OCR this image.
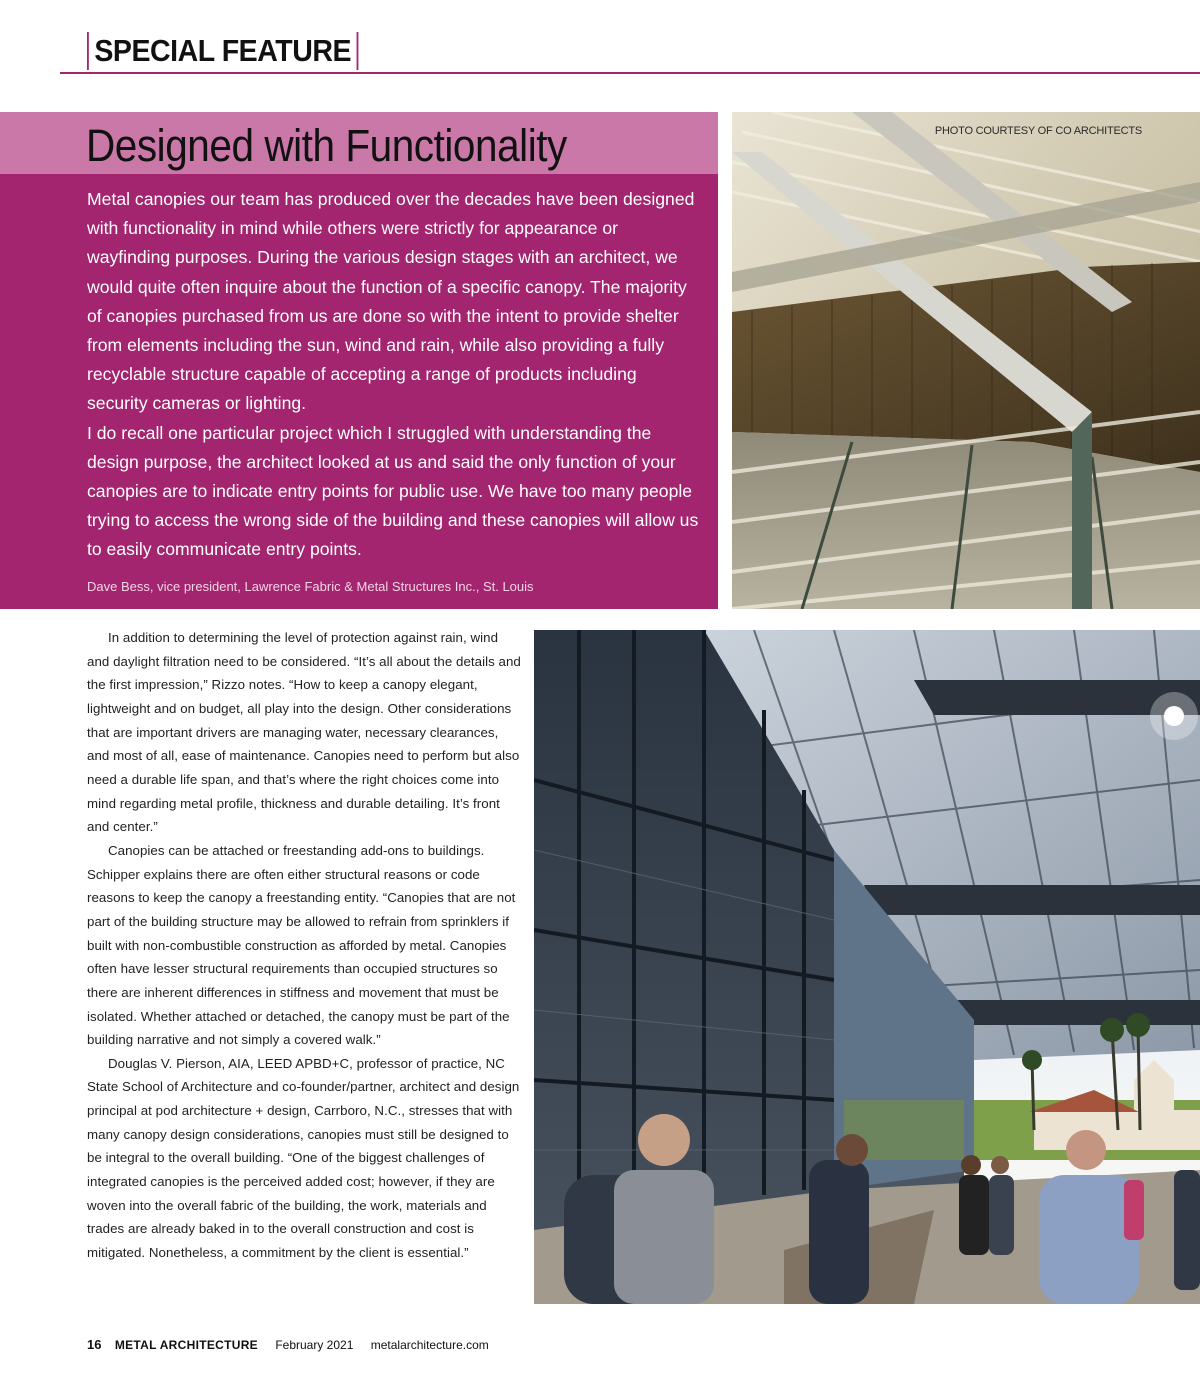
SPECIAL FEATURE
Designed with Functionality

Metal canopies our team has produced over the decades have been designed with functionality in mind while others were strictly for appearance or wayfinding purposes. During the various design stages with an architect, we would quite often inquire about the function of a specific canopy. The majority of canopies purchased from us are done so with the intent to provide shelter from elements including the sun, wind and rain, while also providing a fully recyclable structure capable of accepting a range of products including security cameras or lighting.

I do recall one particular project which I struggled with understanding the design purpose, the architect looked at us and said the only function of your canopies are to indicate entry points for public use. We have too many people trying to access the wrong side of the building and these canopies will allow us to easily communicate entry points.

Dave Bess, vice president, Lawrence Fabric & Metal Structures Inc., St. Louis
PHOTO COURTESY OF CO ARCHITECTS

In addition to determining the level of protection against rain, wind and daylight filtration need to be considered. “It’s all about the details and the first impression,” Rizzo notes. “How to keep a canopy elegant, lightweight and on budget, all play into the design. Other considerations that are important drivers are managing water, necessary clearances, and most of all, ease of maintenance. Canopies need to perform but also need a durable life span, and that’s where the right choices come into mind regarding metal profile, thickness and durable detailing. It’s front and center.”

Canopies can be attached or freestanding add-ons to buildings. Schipper explains there are often either structural reasons or code reasons to keep the canopy a freestanding entity. “Canopies that are not part of the building structure may be allowed to refrain from sprinklers if built with non-combustible construction as afforded by metal. Canopies often have lesser structural requirements than occupied structures so there are inherent differences in stiffness and movement that must be isolated. Whether attached or detached, the canopy must be part of the building narrative and not simply a covered walk.”

Douglas V. Pierson, AIA, LEED APBD+C, professor of practice, NC State School of Architecture and co-founder/partner, architect and design principal at pod architecture + design, Carrboro, N.C., stresses that with many canopy design considerations, canopies must still be designed to be integral to the overall building. “One of the biggest challenges of integrated canopies is the perceived added cost; however, if they are woven into the overall fabric of the building, the work, materials and trades are already baked in to the overall construction and cost is mitigated. Nonetheless, a commitment by the client is essential.”

16 METAL ARCHITECTURE February 2021 metalarchitecture.com
